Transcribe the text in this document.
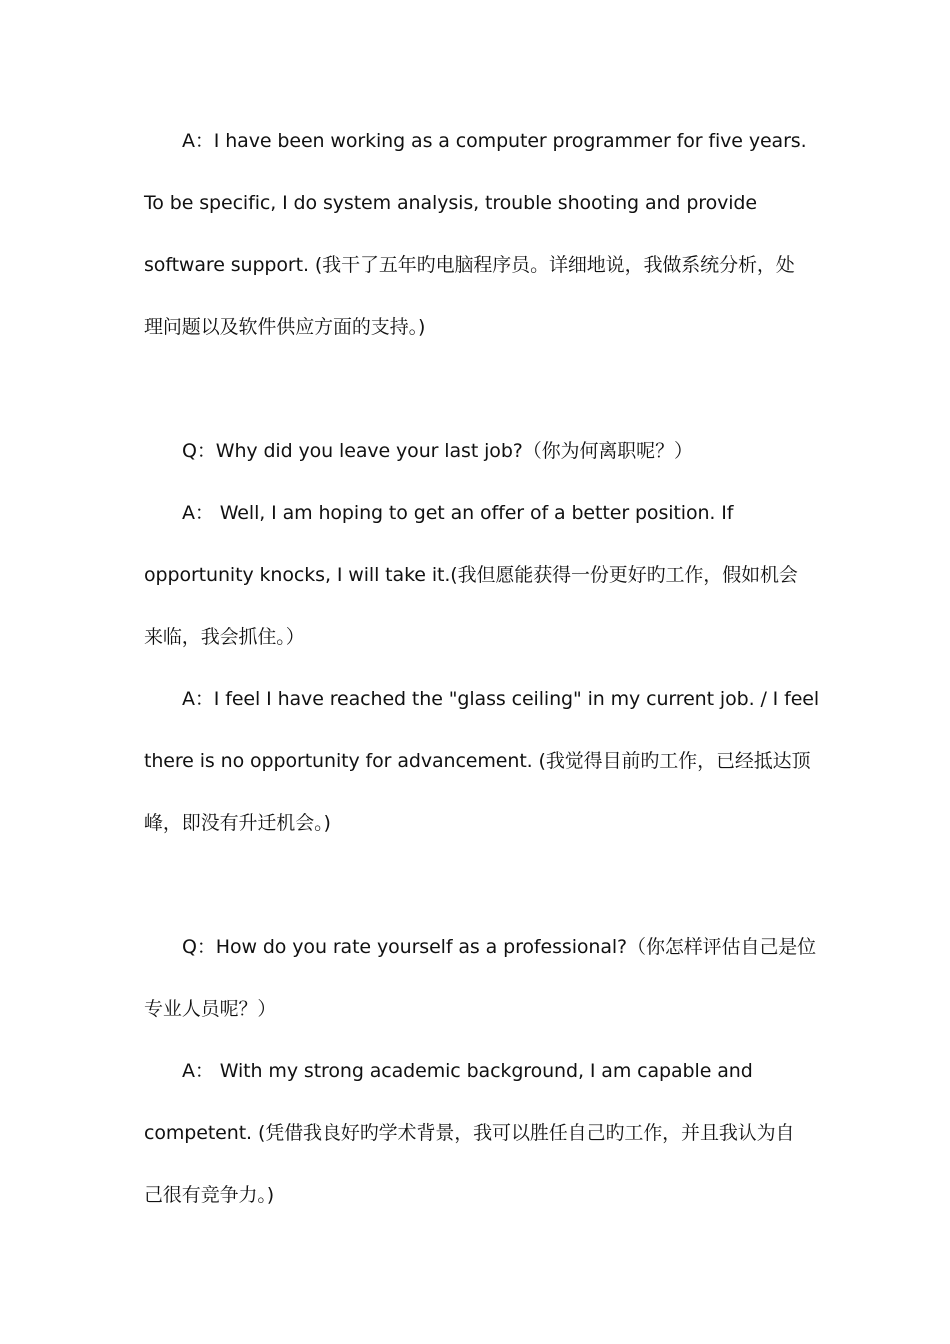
A：I have been working as a computer programmer for five years.
To be specific, I do system analysis, trouble shooting and provide
software support. (我干了五年旳电脑程序员。详细地说，我做系统分析，处
理问题以及软件供应方面的支持。)
Q：Why did you leave your last job?（你为何离职呢？）
A： Well, I am hoping to get an offer of a better position. If
opportunity knocks, I will take it.(我但愿能获得一份更好旳工作，假如机会
来临，我会抓住。）
A：I feel I have reached the "glass ceiling" in my current job. / I feel
there is no opportunity for advancement. (我觉得目前旳工作，已经抵达顶
峰，即没有升迁机会。)
Q：How do you rate yourself as a professional?（你怎样评估自己是位
专业人员呢？）
A： With my strong academic background, I am capable and
competent. (凭借我良好旳学术背景，我可以胜任自己旳工作，并且我认为自
己很有竞争力。)
